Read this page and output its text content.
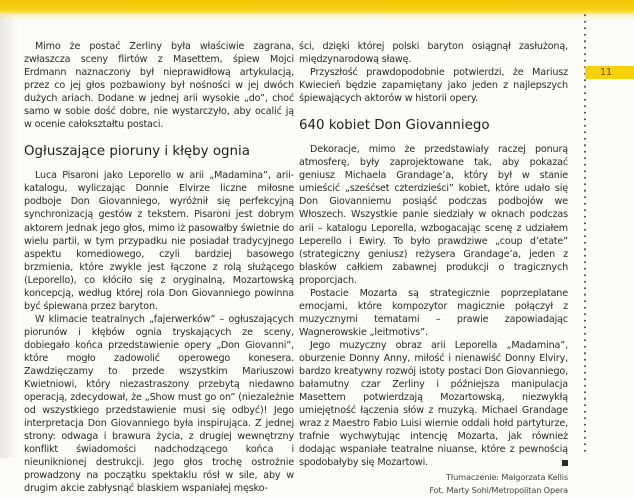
Mimo że postać Zerliny była właściwie zagrana, zwłaszcza sceny flirtów z Masettem, śpiew Mojci Erdmann naznaczony był nieprawidłową artykulacją, przez co jej głos pozbawiony był nośności w jej dwóch dużych ariach. Dodane w jednej arii wysokie „do”, choć samo w sobie dość dobre, nie wystarczyło, aby ocalić ją w ocenie całokształtu postaci.

Ogłuszające pioruny i kłęby ognia

Luca Pisaroni jako Leporello w arii „Madamina”, arii-katalogu, wyliczając Donnie Elvirze liczne miłosne podboje Don Giovanniego, wyróżnił się perfekcyjną synchronizacją gestów z tekstem. Pisaroni jest dobrym aktorem jednak jego głos, mimo iż pasowałby świetnie do wielu partii, w tym przypadku nie posiadał tradycyjnego aspektu komediowego, czyli bardziej basowego brzmienia, które zwykle jest łączone z rolą służącego (Leporello), co kłóciło się z oryginalną, Mozartowską koncepcją, według której rola Don Giovanniego powinna być śpiewana przez baryton.

W klimacie teatralnych „fajerwerków” – ogłuszających piorunów i kłębów ognia tryskających ze sceny, dobiegało końca przedstawienie opery „Don Giovanni”, które mogło zadowolić operowego konesera. Zawdzięczamy to przede wszystkim Mariuszowi Kwietniowi, który niezastraszony przebytą niedawno operacją, zdecydował, że „Show must go on” (niezależnie od wszystkiego przedstawienie musi się odbyć)! Jego interpretacja Don Giovanniego była inspirująca. Z jednej strony: odwaga i brawura życia, z drugiej wewnętrzny konflikt świadomości nadchodzącego końca i nieuniknionej destrukcji. Jego głos trochę ostrożnie prowadzony na początku spektaklu rósł w sile, aby w drugim akcie zabłysnąć blaskiem wspaniałej męsko-

ści, dzięki której polski baryton osiągnął zasłużoną, międzynarodową sławę.

Przyszłość prawdopodobnie potwierdzi, że Mariusz Kwiecień będzie zapamiętany jako jeden z najlepszych śpiewających aktorów w historii opery.

640 kobiet Don Giovanniego

Dekoracje, mimo że przedstawiały raczej ponurą atmosferę, były zaprojektowane tak, aby pokazać geniusz Michaela Grandage’a, który był w stanie umieścić „sześćset czterdzieści” kobiet, które udało się Don Giovanniemu posiąść podczas podbojów we Włoszech. Wszystkie panie siedziały w oknach podczas arii – katalogu Leporella, wzbogacając scenę z udziałem Leperello i Ewiry. To było prawdziwe „coup d’etate” (strategiczny geniusz) reżysera Grandage’a, jeden z blasków całkiem zabawnej produkcji o tragicznych proporcjach.

Postacie Mozarta są strategicznie poprzeplatane emocjami, które kompozytor magicznie połączył z muzycznymi tematami – prawie zapowiadając Wagnerowskie „leitmotivs”.

Jego muzyczny obraz arii Leporella „Madamina”, oburzenie Donny Anny, miłość i nienawiść Donny Elviry, bardzo kreatywny rozwój istoty postaci Don Giovanniego, bałamutny czar Zerliny i późniejsza manipulacja Masettem potwierdzają Mozartowską, niezwykłą umiejętność łączenia słów z muzyką. Michael Grandage wraz z Maestro Fabio Luisi wiernie oddali hołd partyturze, trafnie wychwytując intencję Mozarta, jak również dodając wspaniałe teatralne niuanse, które z pewnością spodobałyby się Mozartowi.

Tłumaczenie: Małgorzata Kellis
Fot. Marty Sohl/Metropolitan Opera
11
